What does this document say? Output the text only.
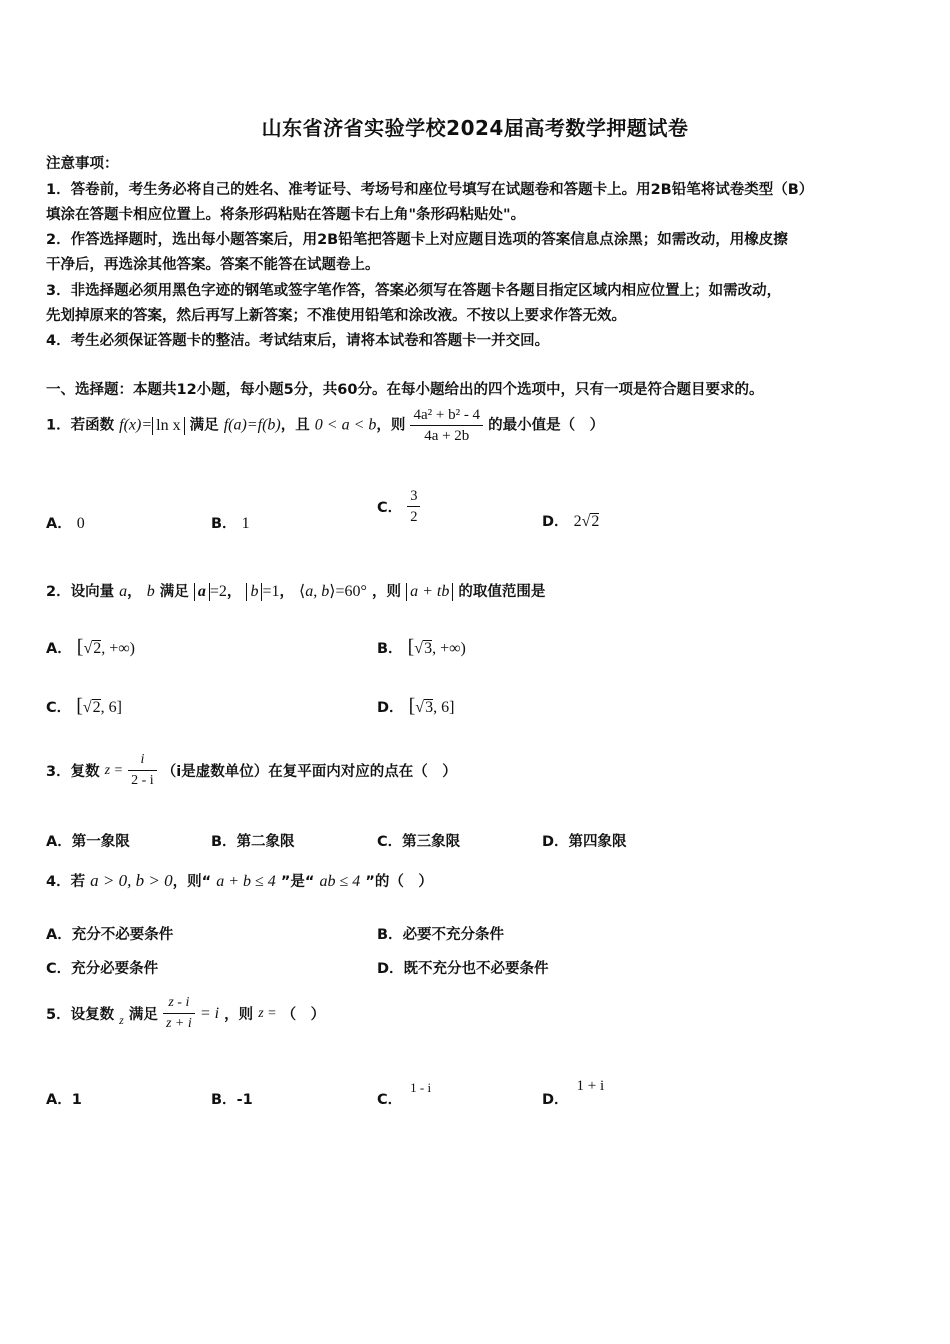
山东省济省实验学校2024届高考数学押题试卷
注意事项：
1．答卷前，考生务必将自己的姓名、准考证号、考场号和座位号填写在试题卷和答题卡上。用2B铅笔将试卷类型（B）
填涂在答题卡相应位置上。将条形码粘贴在答题卡右上角"条形码粘贴处"。
2．作答选择题时，选出每小题答案后，用2B铅笔把答题卡上对应题目选项的答案信息点涂黑；如需改动，用橡皮擦
干净后，再选涂其他答案。答案不能答在试题卷上。
3．非选择题必须用黑色字迹的钢笔或签字笔作答，答案必须写在答题卡各题目指定区域内相应位置上；如需改动，
先划掉原来的答案，然后再写上新答案；不准使用铅笔和涂改液。不按以上要求作答无效。
4．考生必须保证答题卡的整洁。考试结束后，请将本试卷和答题卡一并交回。
一、选择题：本题共12小题，每小题5分，共60分。在每小题给出的四个选项中，只有一项是符合题目要求的。
1．若函数 f(x)= ln x 满足 f(a)=f(b)，且 0 < a < b，则 $\frac{\text{4a² + b² - 4}}{4a + 2b}$ 的最小值是（　）
A． 0	B． 1
C． $\frac{3}{2}$	D． 2√2
2．设向量 a， b 满足 a =2， b =1， ⟨a, b⟩=60° ，则 a + tb 的取值范围是
A． [√2, +∞)	B． [√3, +∞)
C． [√2, 6]	D． [√3, 6]
3．复数 $z = \frac{i}{2 - i} (i$是虚数单位）在复平面内对应的点在（　）
A．第一象限	B．第二象限	C．第三象限	D．第四象限
4．若 a > 0, b > 0，则“ a + b ≤ 4 ”是“ ab ≤ 4 ”的（　）
A．充分不必要条件	B．必要不充分条件
C．充分必要条件	D．既不充分也不必要条件
5．设复数 z 满足 $\frac{z - i}{z + i} = i$ ，则 z = （　）
A．1	B．-1	C．1 - i
D．1 + i
